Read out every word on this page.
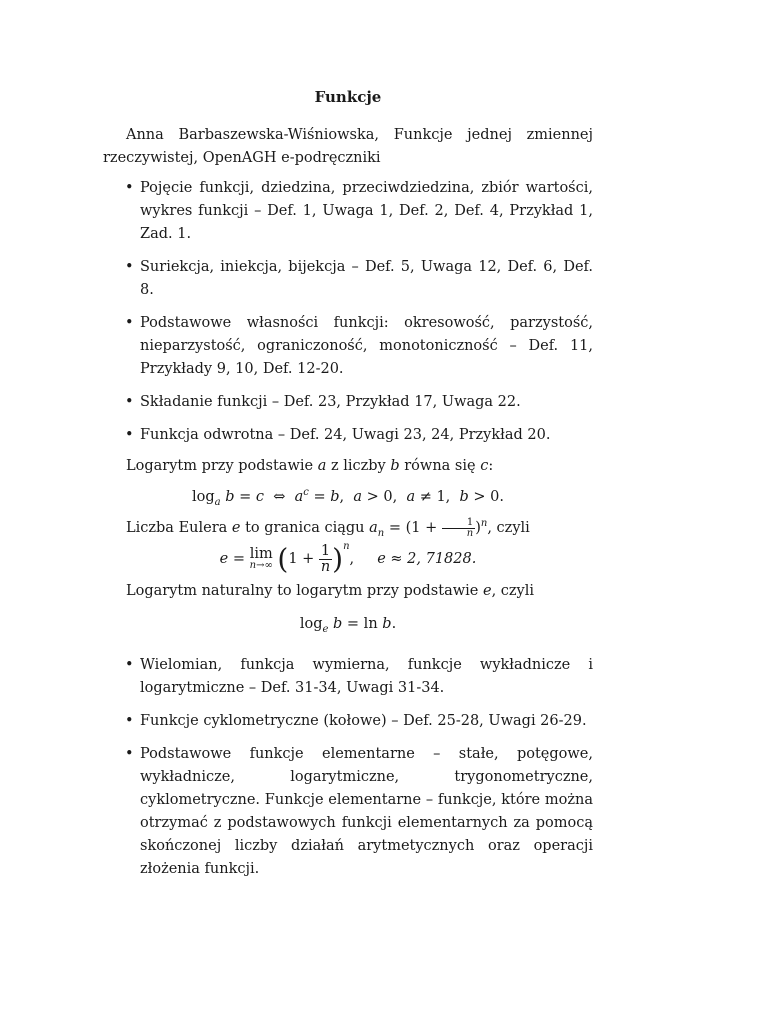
Funkcje

Anna Barbaszewska-Wiśniowska, Funkcje jednej zmiennej rzeczywistej, OpenAGH e-podręczniki

• Pojęcie funkcji, dziedzina, przeciwdziedzina, zbiór wartości, wykres funkcji – Def. 1, Uwaga 1, Def. 2, Def. 4, Przykład 1, Zad. 1.
• Suriekcja, iniekcja, bijekcja – Def. 5, Uwaga 12, Def. 6, Def. 8.
• Podstawowe własności funkcji: okresowość, parzystość, nieparzystość, ograniczoność, monotoniczność – Def. 11, Przykłady 9, 10, Def. 12-20.
• Składanie funkcji – Def. 23, Przykład 17, Uwaga 22.
• Funkcja odwrotna – Def. 24, Uwagi 23, 24, Przykład 20.

Logarytm przy podstawie a z liczby b równa się c:

$\log_a b = c$  ⇔  $a^c = b$,  a > 0,  a ≠ 1,  b > 0.

Liczba Eulera e to granica ciągu $a_n = (1 + \frac{1}{n} )^n$, czyli

e = lim
n→∞ $(1 + \frac{1}{n} )^n$,     e ≈ 2, 71828.

Logarytm naturalny to logarytm przy podstawie e, czyli

$\log_e b = \ln b$.
• Wielomian, funkcja wymierna, funkcje wykładnicze i logarytmiczne – Def. 31-34, Uwagi 31-34.
• Funkcje cyklometryczne (kołowe) – Def. 25-28, Uwagi 26-29.
• Podstawowe funkcje elementarne – stałe, potęgowe, wykładnicze, logarytmiczne, trygonometryczne, cyklometryczne. Funkcje elementarne – funkcje, które można otrzymać z podstawowych funkcji elementarnych za pomocą skończonej liczby działań arytmetycznych oraz operacji złożenia funkcji.
